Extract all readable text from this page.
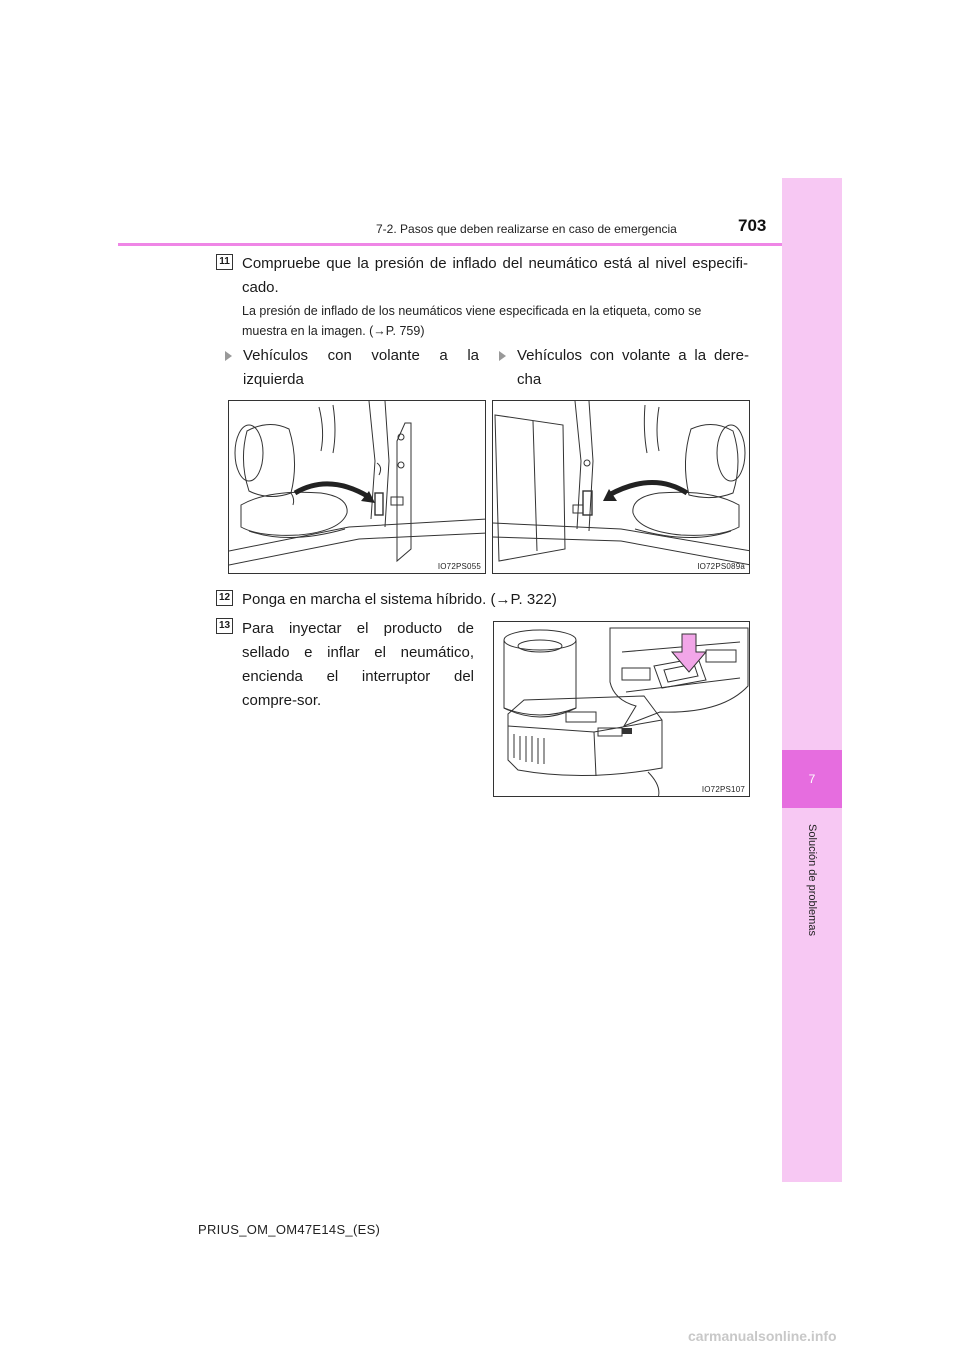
7
Solución de problemas
7-2. Pasos que deben realizarse en caso de emergencia	703
11 Compruebe que la presión de inflado del neumático está al nivel especifi-cado.
La presión de inflado de los neumáticos viene especificada en la etiqueta, como se muestra en la imagen. (→P. 759)
Vehículos con volante a la izquierda
Vehículos con volante a la dere-cha
IO72PS055	IO72PS089a
12 Ponga en marcha el sistema híbrido. (→P. 322)
13 Para inyectar el producto de sellado e inflar el neumático, encienda el interruptor del compre-sor.
IO72PS107
PRIUS_OM_OM47E14S_(ES)
carmanualsonline.info
